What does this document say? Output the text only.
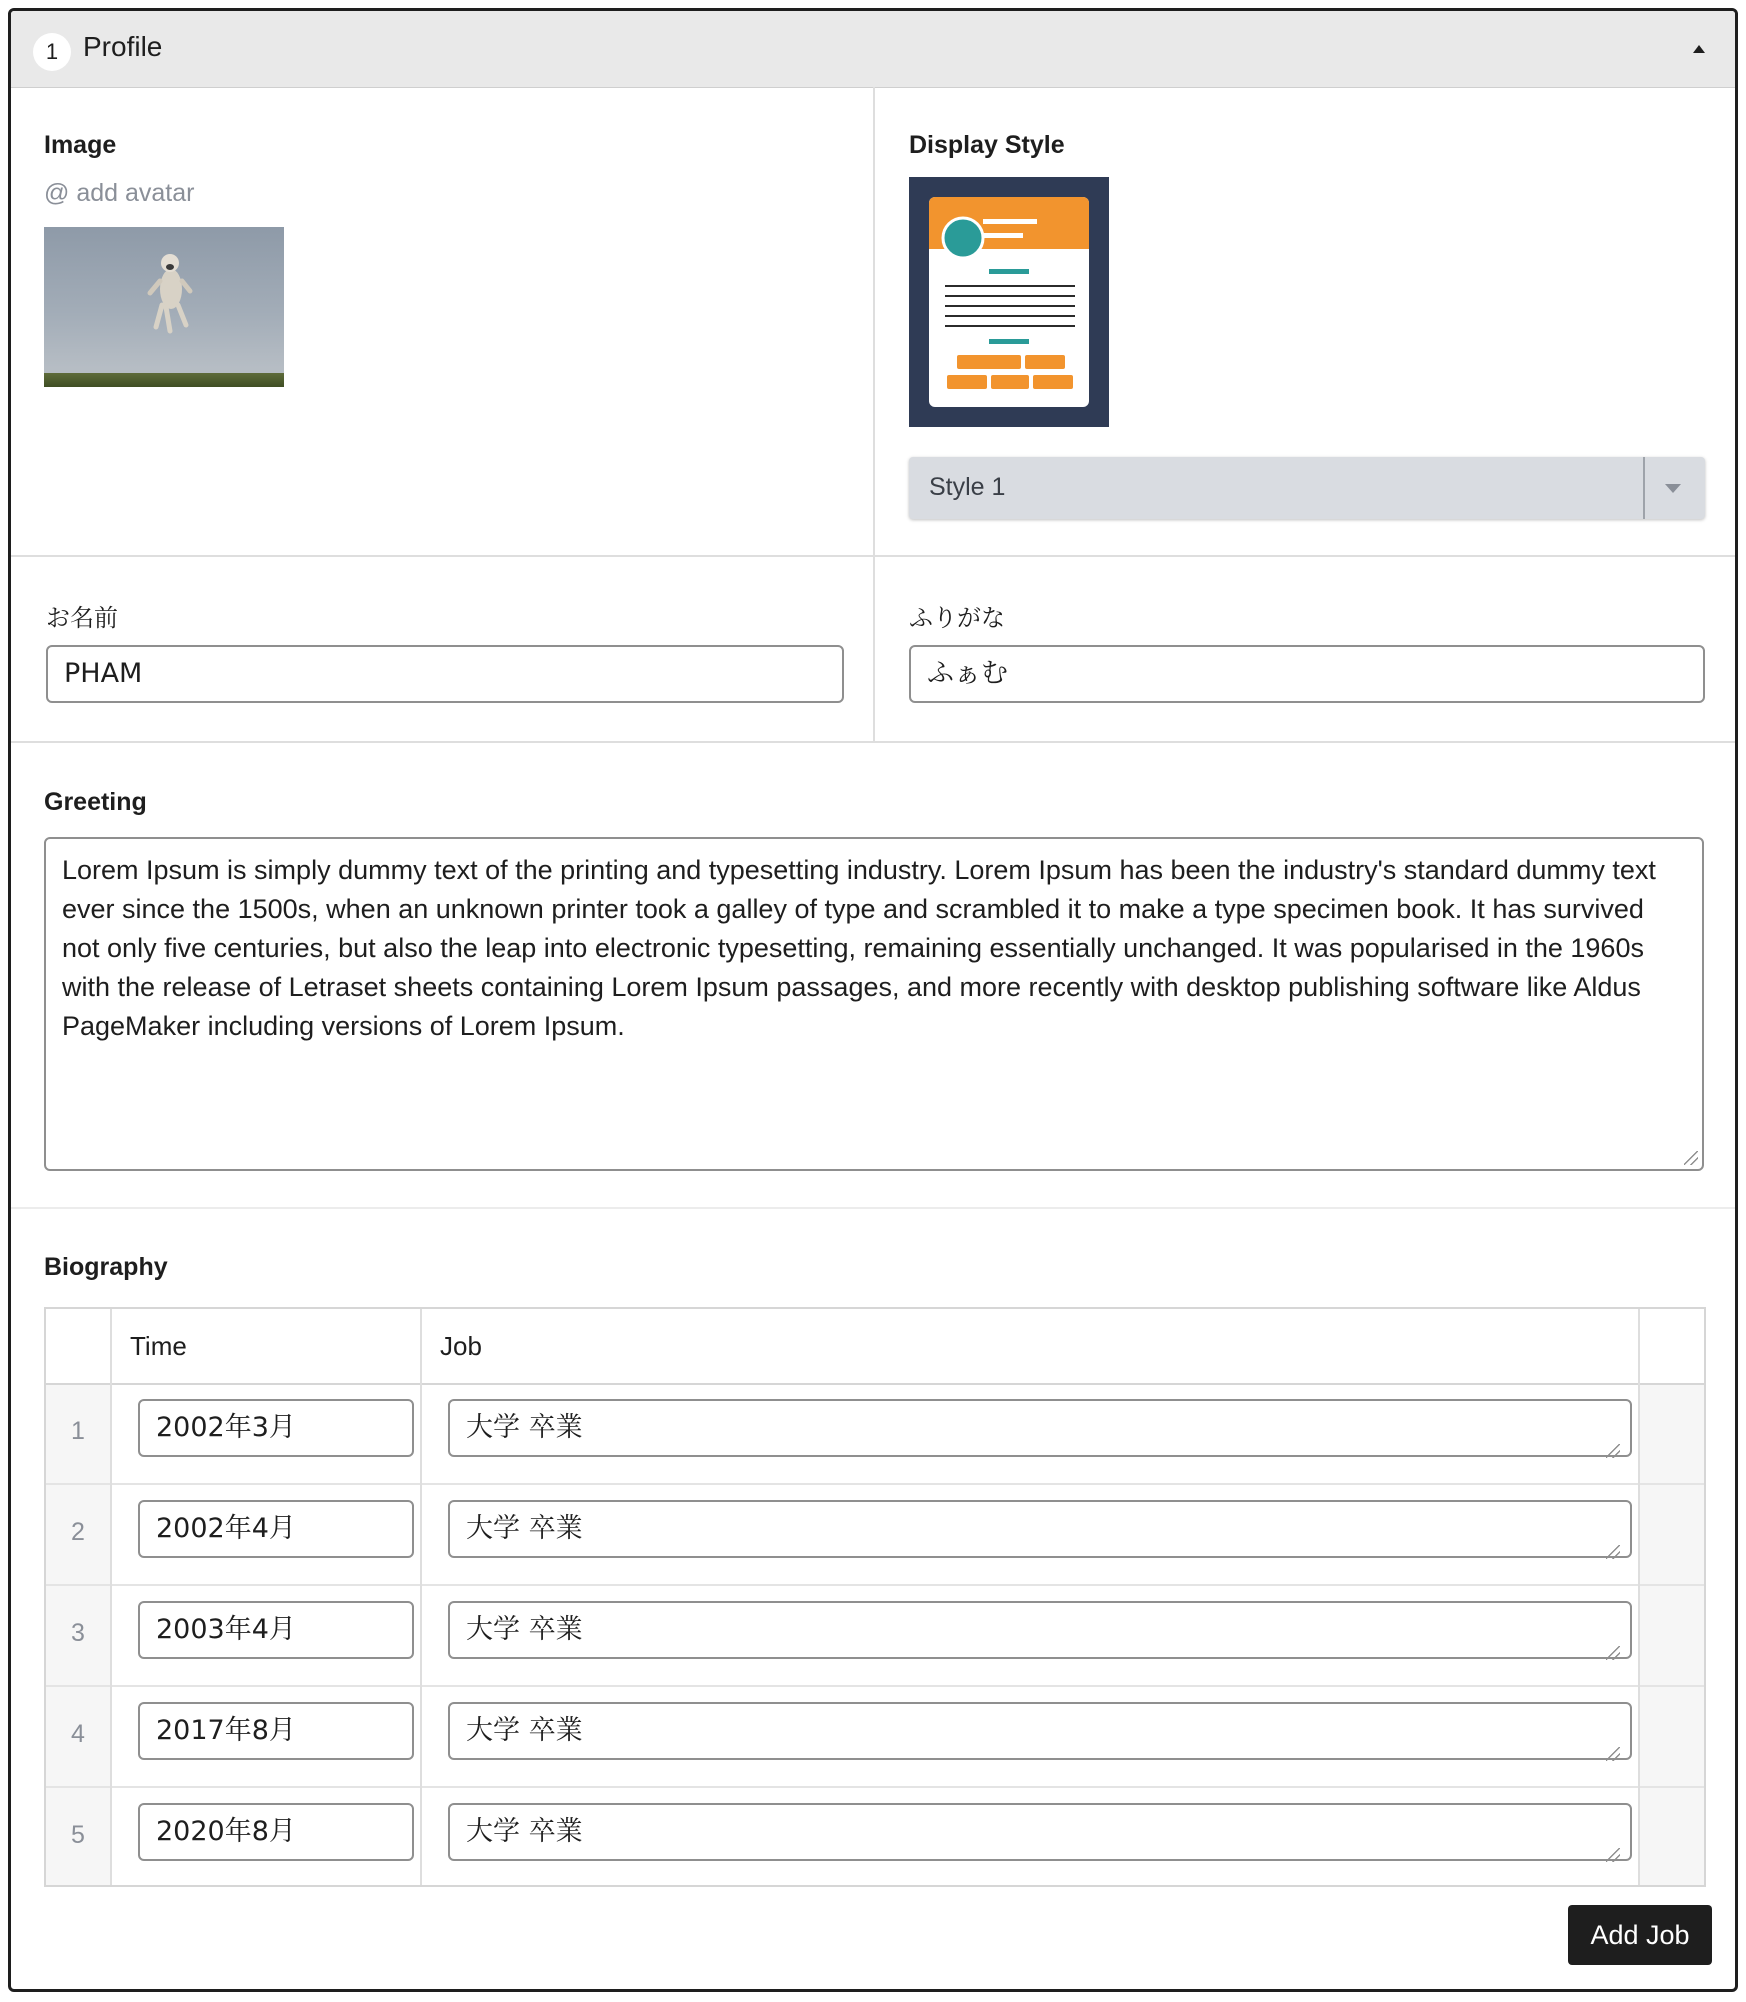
1 Profile
Image
@ add avatar
Display Style
Style 1
お名前
PHAM
ふりがな
ふぁむ
Greeting
Lorem Ipsum is simply dummy text of the printing and typesetting industry. Lorem Ipsum has been the industry's standard dummy text ever since the 1500s, when an unknown printer took a galley of type and scrambled it to make a type specimen book. It has survived not only five centuries, but also the leap into electronic typesetting, remaining essentially unchanged. It was popularised in the 1960s with the release of Letraset sheets containing Lorem Ipsum passages, and more recently with desktop publishing software like Aldus PageMaker including versions of Lorem Ipsum.
Biography
Time	Job
1	2002年3月	大学 卒業
2	2002年4月	大学 卒業
3	2003年4月	大学 卒業
4	2017年8月	大学 卒業
5	2020年8月	大学 卒業
Add Job
